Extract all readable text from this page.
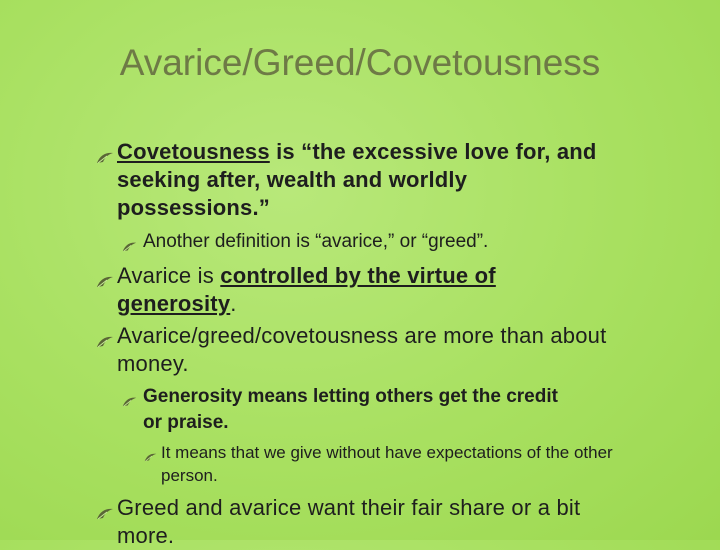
Avarice/Greed/Covetousness
Covetousness is “the excessive love for, and seeking after, wealth and worldly possessions.”
Another definition is “avarice,” or “greed”.
Avarice is controlled by the virtue of generosity.
Avarice/greed/covetousness are more than about money.
Generosity means letting others get the credit or praise.
It means that we give without have expectations of the other person.
Greed and avarice want their fair share or a bit more.
